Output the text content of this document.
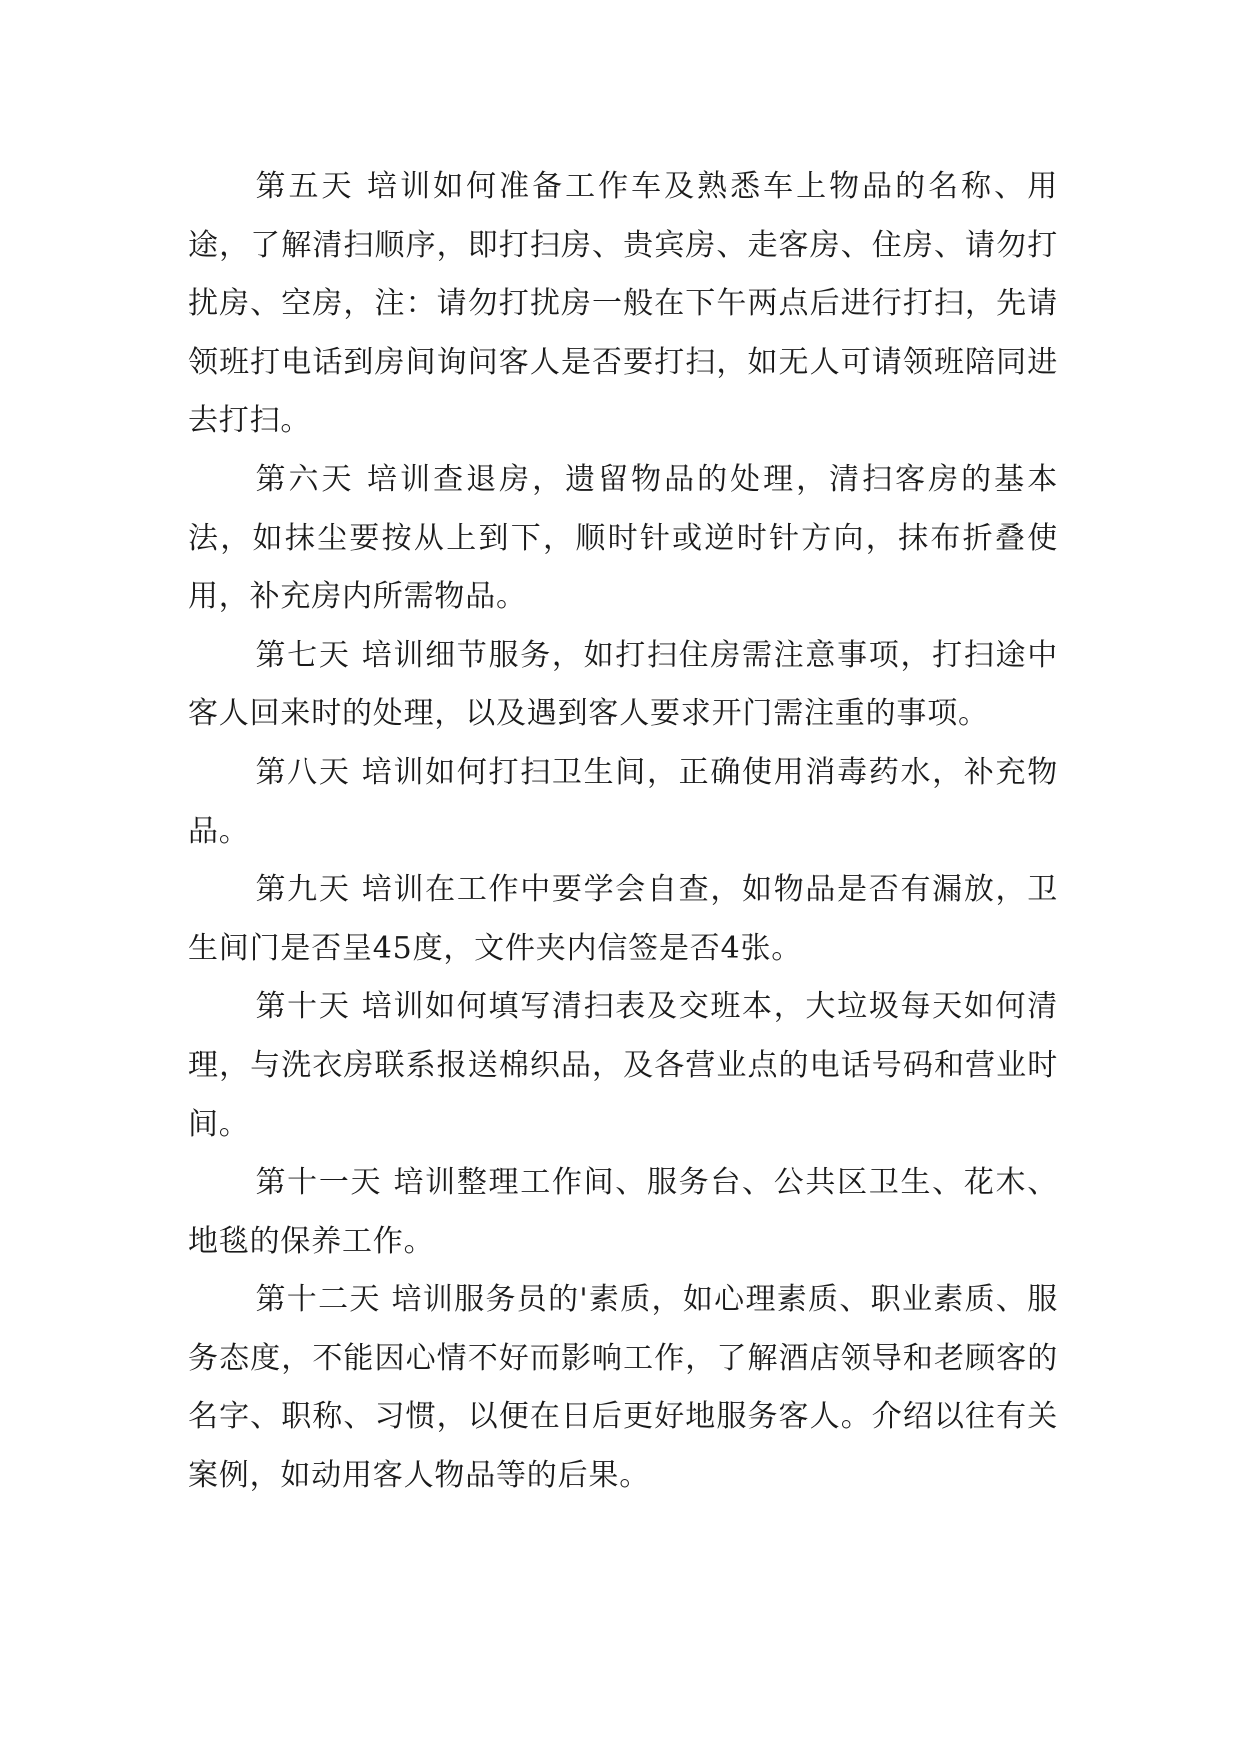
第五天 培训如何准备工作车及熟悉车上物品的名称、用途，了解清扫顺序，即打扫房、贵宾房、走客房、住房、请勿打扰房、空房，注：请勿打扰房一般在下午两点后进行打扫，先请领班打电话到房间询问客人是否要打扫，如无人可请领班陪同进去打扫。

第六天 培训查退房，遗留物品的处理，清扫客房的基本法，如抹尘要按从上到下，顺时针或逆时针方向，抹布折叠使用，补充房内所需物品。

第七天 培训细节服务，如打扫住房需注意事项，打扫途中客人回来时的处理，以及遇到客人要求开门需注重的事项。

第八天 培训如何打扫卫生间，正确使用消毒药水，补充物品。

第九天 培训在工作中要学会自查，如物品是否有漏放，卫生间门是否呈45度，文件夹内信签是否4张。

第十天 培训如何填写清扫表及交班本，大垃圾每天如何清理，与洗衣房联系报送棉织品，及各营业点的电话号码和营业时间。

第十一天 培训整理工作间、服务台、公共区卫生、花木、地毯的保养工作。

第十二天 培训服务员的'素质，如心理素质、职业素质、服务态度，不能因心情不好而影响工作，了解酒店领导和老顾客的名字、职称、习惯，以便在日后更好地服务客人。介绍以往有关案例，如动用客人物品等的后果。
